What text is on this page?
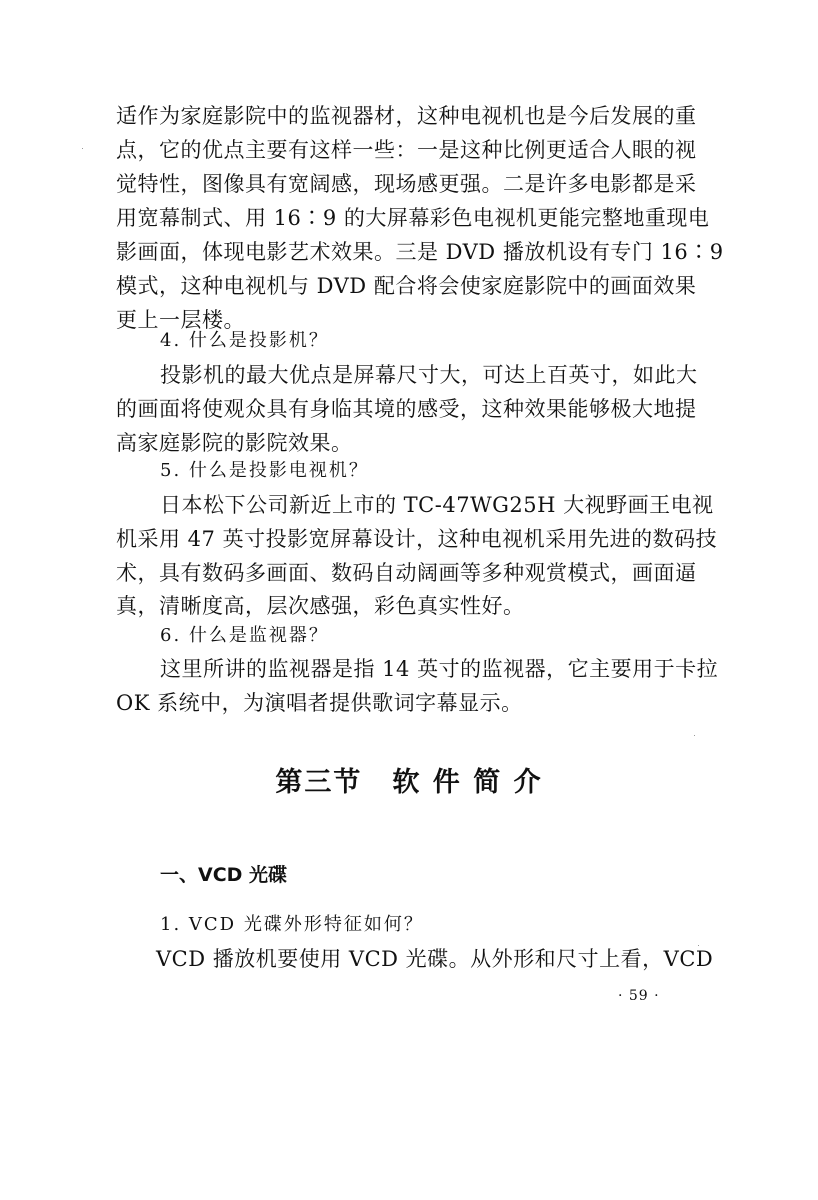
适作为家庭影院中的监视器材，这种电视机也是今后发展的重
点，它的优点主要有这样一些：一是这种比例更适合人眼的视
觉特性，图像具有宽阔感，现场感更强。二是许多电影都是采
用宽幕制式、用 16∶9 的大屏幕彩色电视机更能完整地重现电
影画面，体现电影艺术效果。三是 DVD 播放机设有专门 16∶9
模式，这种电视机与 DVD 配合将会使家庭影院中的画面效果
更上一层楼。
4. 什么是投影机？
投影机的最大优点是屏幕尺寸大，可达上百英寸，如此大
的画面将使观众具有身临其境的感受，这种效果能够极大地提
高家庭影院的影院效果。
5. 什么是投影电视机？
日本松下公司新近上市的 TC-47WG25H 大视野画王电视
机采用 47 英寸投影宽屏幕设计，这种电视机采用先进的数码技
术，具有数码多画面、数码自动阔画等多种观赏模式，画面逼
真，清晰度高，层次感强，彩色真实性好。
6. 什么是监视器？
这里所讲的监视器是指 14 英寸的监视器，它主要用于卡拉
OK 系统中，为演唱者提供歌词字幕显示。
第三节 软 件 简 介
一、VCD 光碟
1. VCD 光碟外形特征如何？
VCD 播放机要使用 VCD 光碟。从外形和尺寸上看，VCD
· 59 ·
